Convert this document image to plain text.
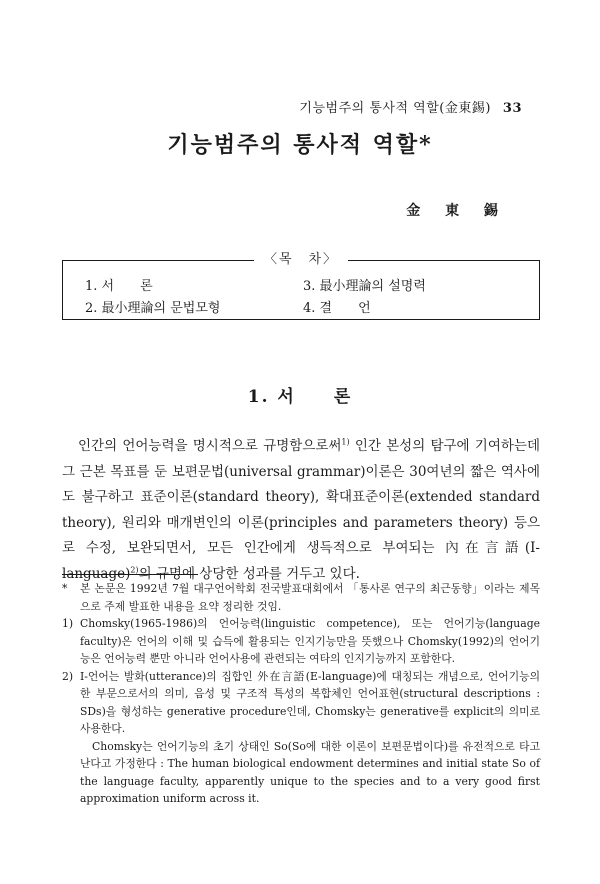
기능범주의 통사적 역할(金東錫) 33
기능범주의 통사적 역할*
金 東 錫
〈목　차〉
1. 서　　론
2. 最小理論의 문법모형
3. 最小理論의 설명력
4. 결　　언
1. 서　　론

인간의 언어능력을 명시적으로 규명함으로써$^{1)}$ 인간 본성의 탐구에 기여하는데 그 근본 목표를 둔 보편문법(universal grammar)이론은 30여년의 짧은 역사에도 불구하고 표준이론(standard theory), 확대표준이론(extended standard theory), 원리와 매개변인의 이론(principles and parameters theory) 등으로 수정, 보완되면서, 모든 인간에게 생득적으로 부여되는 內在言語(I-language)$^{2)}$의 규명에 상당한 성과를 거두고 있다.

*	본 논문은 1992년 7월 대구언어학회 전국발표대회에서 「통사론 연구의 최근동향」이라는 제목으로 주제 발표한 내용을 요약 정리한 것임.
1) Chomsky(1965-1986)의 언어능력(linguistic competence), 또는 언어기능(language faculty)은 언어의 이해 및 습득에 활용되는 인지기능만을 뜻했으나 Chomsky(1992)의 언어기능은 언어능력 뿐만 아니라 언어사용에 관련되는 여타의 인지기능까지 포함한다.
2) I-언어는 발화(utterance)의 집합인 外在言語(E-language)에 대칭되는 개념으로, 언어기능의 한 부문으로서의 의미, 음성 및 구조적 특성의 복합체인 언어표현(structural descriptions : SDs)을 형성하는 generative procedure인데, Chomsky는 generative를 explicit의 의미로 사용한다.

Chomsky는 언어기능의 초기 상태인 So(So에 대한 이론이 보편문법이다)를 유전적으로 타고 난다고 가정한다 : The human biological endowment determines and initial state So of the language faculty, apparently unique to the species and to a very good first approximation uniform across it.
